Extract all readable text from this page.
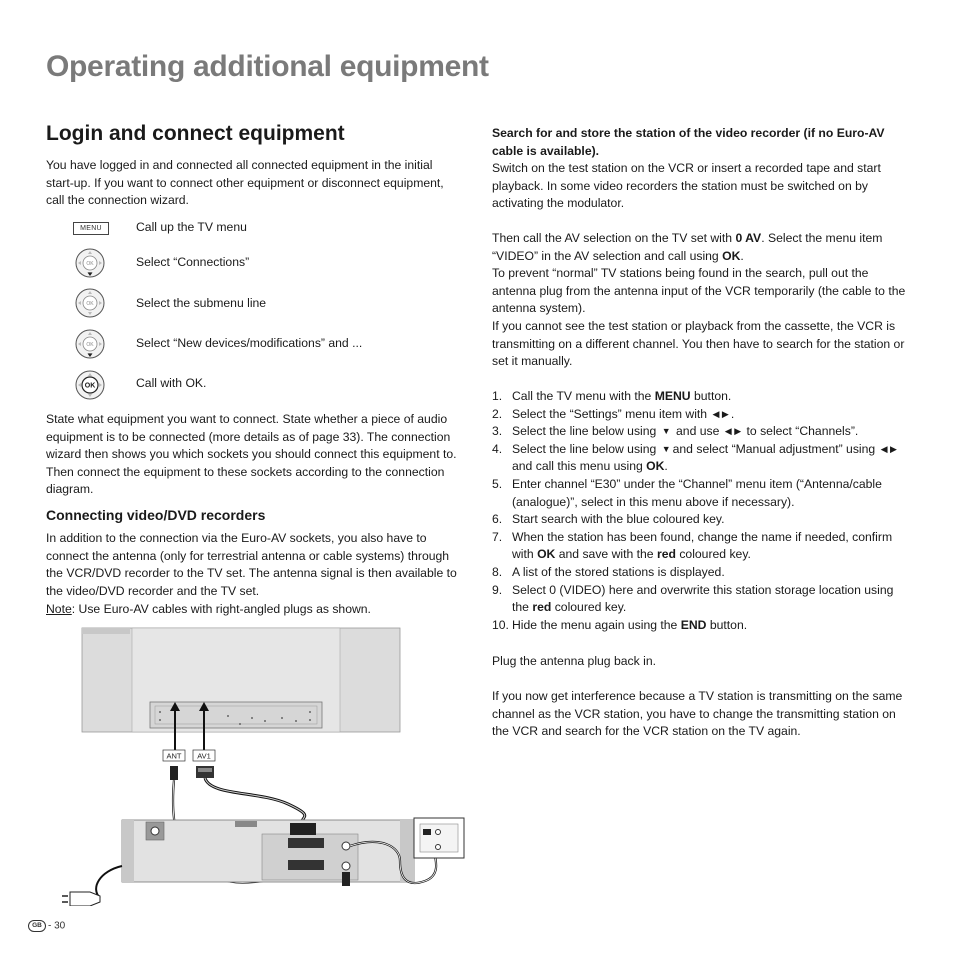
Operating additional equipment
Login and connect equipment
You have logged in and connected all connected equipment in the initial start-up. If you want to connect other equipment or disconnect equipment, call the connection wizard.
MENU	Call up the TV menu
OK	Select “Connections”
OK	Select the submenu line
OK	Select “New devices/modifications” and ...
OK	Call with OK.
State what equipment you want to connect. State whether a piece of audio equipment is to be connected (more details as of page 33). The connection wizard then shows you which sockets you should connect this equipment to. Then connect the equipment to these sockets according to the connection diagram.
Connecting video/DVD recorders
In addition to the connection via the Euro-AV sockets, you also have to connect the antenna (only for terrestrial antenna or cable systems) through the VCR/DVD recorder to the TV set. The antenna signal is then available to the video/DVD recorder and the TV set.
Note: Use Euro-AV cables with right-angled plugs as shown.
ANT AV1
Search for and store the station of the video recorder (if no Euro-AV cable is available).
Switch on the test station on the VCR or insert a recorded tape and start playback. In some video recorders the station must be switched on by activating the modulator.
Then call the AV selection on the TV set with 0 AV. Select the menu item “VIDEO” in the AV selection and call using OK.
To prevent “normal” TV stations being found in the search, pull out the antenna plug from the antenna input of the VCR temporarily (the cable to the antenna system).
If you cannot see the test station or playback from the cassette, the VCR is transmitting on a different channel. You then have to search for the station or set it manually.
1. Call the TV menu with the MENU button.
2. Select the “Settings” menu item with ◀ ▶ .
3. Select the line below using ▼ and use ◀ ▶ to select “Channels”.
4. Select the line below using ▼ and select “Manual adjustment” using ◀ ▶
and call this menu using OK.
5. Enter channel “E30” under the “Channel” menu item (“Antenna/cable (analogue)”, select in this menu above if necessary).
6. Start search with the blue coloured key.
7. When the station has been found, change the name if needed, confirm with OK and save with the red coloured key.
8. A list of the stored stations is displayed.
9. Select 0 (VIDEO) here and overwrite this station storage location using the red coloured key.
10. Hide the menu again using the END button.
Plug the antenna plug back in.
If you now get interference because a TV station is transmitting on the same channel as the VCR station, you have to change the transmitting station on the VCR and search for the VCR station on the TV again.
GB - 30
